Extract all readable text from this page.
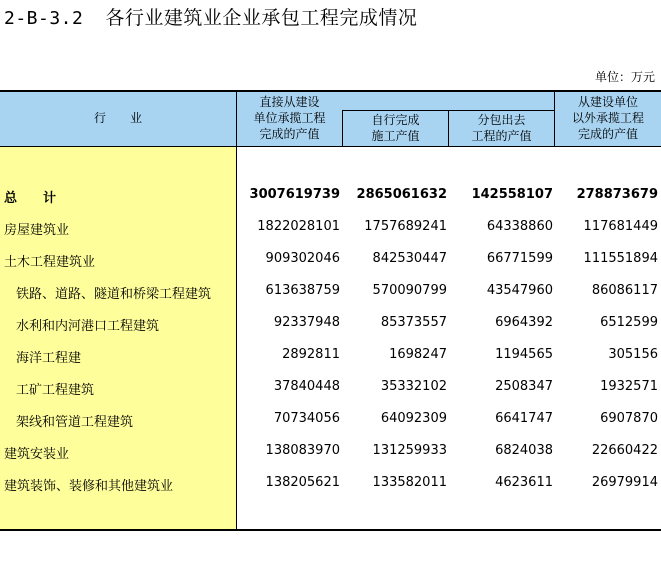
2-B-3.2 各行业建筑业企业承包工程完成情况
单位：万元
行　　业
直接从建设
单位承揽工程
完成的产值
自行完成
施工产值
分包出去
工程的产值
从建设单位
以外承揽工程
完成的产值
总　　计	3007619739 2865061632 142558107 278873679
房屋建筑业	1822028101 1757689241	64338860 117681449
土木工程建筑业	909302046	842530447	66771599 111551894
铁路、道路、隧道和桥梁工程建筑	613638759	570090799	43547960	86086117
水利和内河港口工程建筑	92337948	85373557	6964392	6512599
海洋工程建	2892811	1698247	1194565	305156
工矿工程建筑	37840448	35332102	2508347	1932571
架线和管道工程建筑	70734056	64092309	6641747	6907870
建筑安装业	138083970	131259933	6824038	22660422
建筑装饰、装修和其他建筑业	138205621	133582011	4623611	26979914
